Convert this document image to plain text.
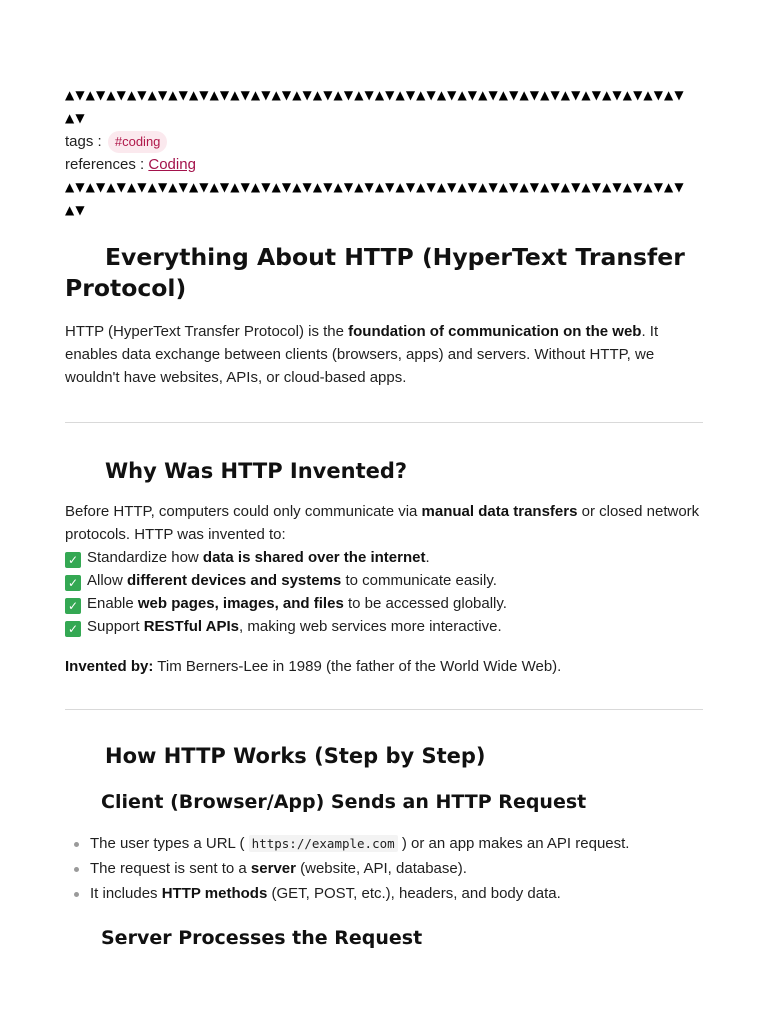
▲▼▲▼▲▼▲▼▲▼▲▼▲▼▲▼▲▼▲▼▲▼▲▼▲▼▲▼▲▼▲▼▲▼▲▼▲▼▲▼▲▼▲▼▲▼▲▼▲▼▲▼▲▼▲▼▲▼▲▼▲▼

tags : #coding

references : Coding

▲▼▲▼▲▼▲▼▲▼▲▼▲▼▲▼▲▼▲▼▲▼▲▼▲▼▲▼▲▼▲▼▲▼▲▼▲▼▲▼▲▼▲▼▲▼▲▼▲▼▲▼▲▼▲▼▲▼▲▼▲▼

Everything About HTTP (HyperText Transfer Protocol)

HTTP (HyperText Transfer Protocol) is the foundation of communication on the web. It enables data exchange between clients (browsers, apps) and servers. Without HTTP, we wouldn't have websites, APIs, or cloud-based apps.

Why Was HTTP Invented?

Before HTTP, computers could only communicate via manual data transfers or closed network protocols. HTTP was invented to:

✓ Standardize how data is shared over the internet.

✓ Allow different devices and systems to communicate easily.

✓ Enable web pages, images, and files to be accessed globally.

✓ Support RESTful APIs, making web services more interactive.

Invented by: Tim Berners-Lee in 1989 (the father of the World Wide Web).

How HTTP Works (Step by Step)
Client (Browser/App) Sends an HTTP Request
The user types a URL ( https://example.com ) or an app makes an API request.
The request is sent to a server (website, API, database).
It includes HTTP methods (GET, POST, etc.), headers, and body data.
Server Processes the Request
